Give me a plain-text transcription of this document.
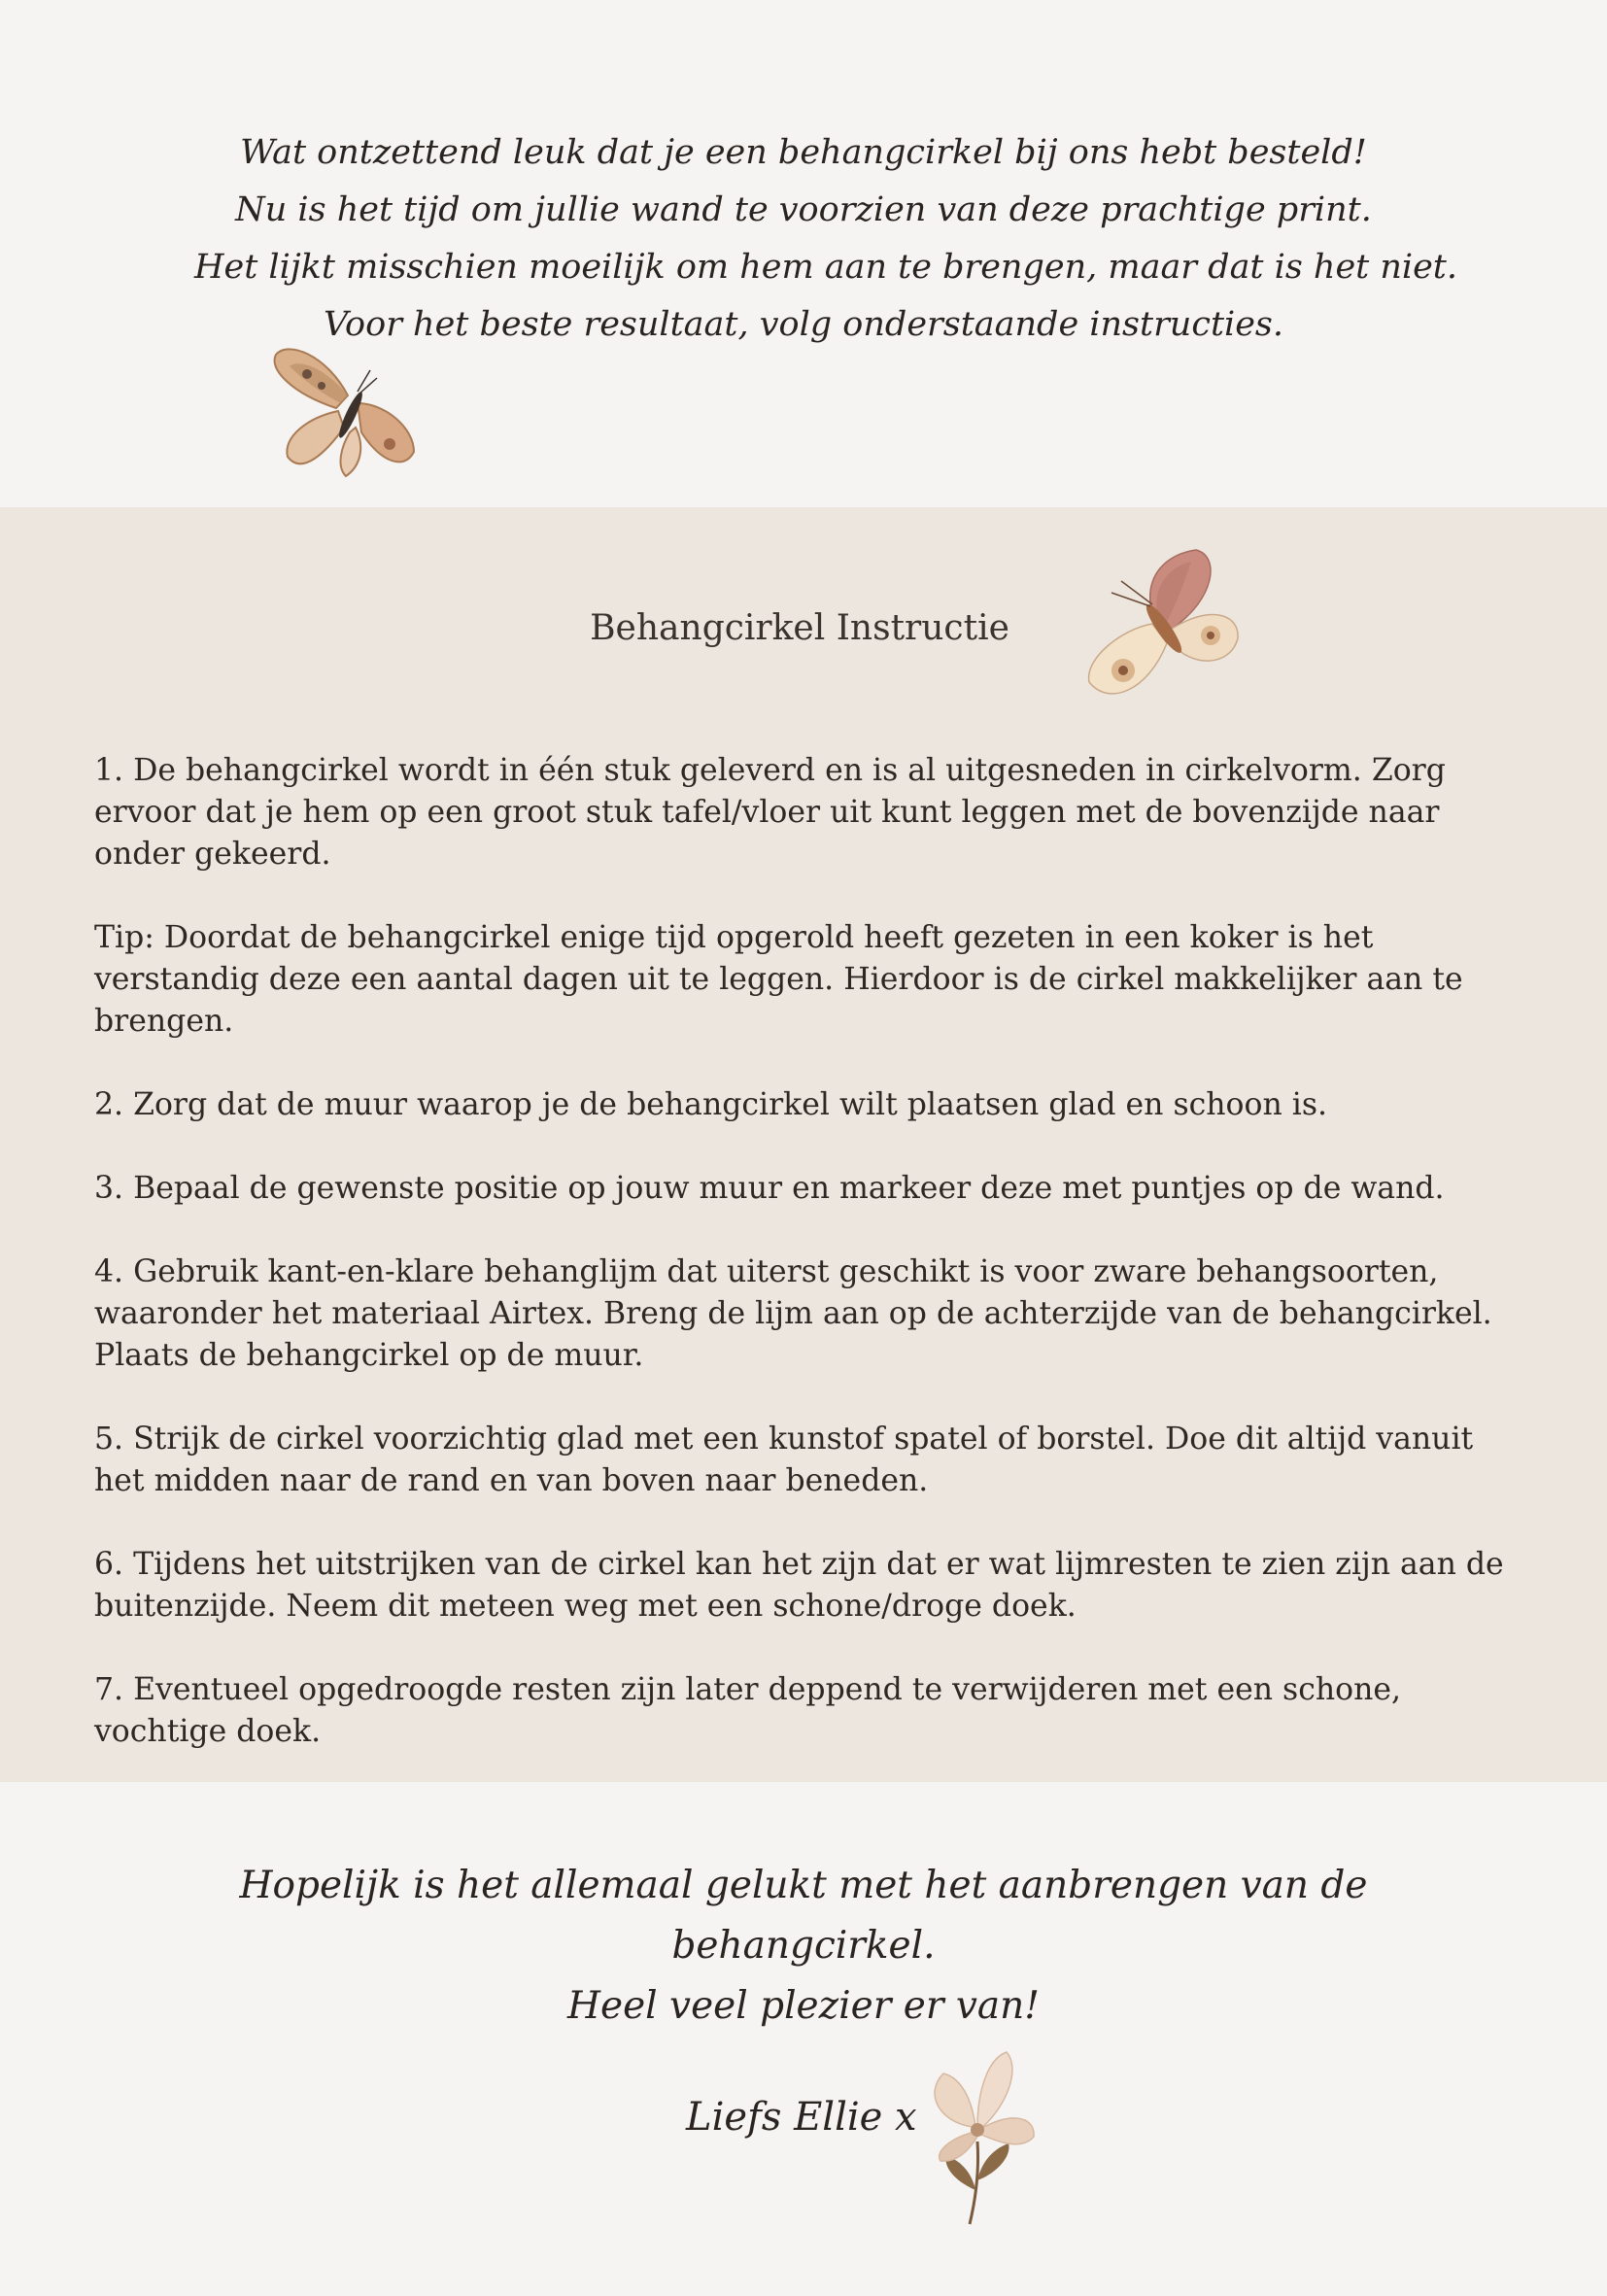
Wat ontzettend leuk dat je een behangcirkel bij ons hebt besteld!
Nu is het tijd om jullie wand te voorzien van deze prachtige print.
Het lijkt misschien moeilijk om hem aan te brengen, maar dat is het niet.
Voor het beste resultaat, volg onderstaande instructies.
Behangcirkel Instructie

1. De behangcirkel wordt in één stuk geleverd en is al uitgesneden in cirkelvorm. Zorg ervoor dat je hem op een groot stuk tafel/vloer uit kunt leggen met de bovenzijde naar onder gekeerd.

Tip: Doordat de behangcirkel enige tijd opgerold heeft gezeten in een koker is het verstandig deze een aantal dagen uit te leggen. Hierdoor is de cirkel makkelijker aan te brengen.

2. Zorg dat de muur waarop je de behangcirkel wilt plaatsen glad en schoon is.

3. Bepaal de gewenste positie op jouw muur en markeer deze met puntjes op de wand.

4. Gebruik kant-en-klare behanglijm dat uiterst geschikt is voor zware behangsoorten, waaronder het materiaal Airtex. Breng de lijm aan op de achterzijde van de behangcirkel. Plaats de behangcirkel op de muur.

5. Strijk de cirkel voorzichtig glad met een kunstof spatel of borstel. Doe dit altijd vanuit het midden naar de rand en van boven naar beneden.

6. Tijdens het uitstrijken van de cirkel kan het zijn dat er wat lijmresten te zien zijn aan de buitenzijde. Neem dit meteen weg met een schone/droge doek.

7. Eventueel opgedroogde resten zijn later deppend te verwijderen met een schone, vochtige doek.

Hopelijk is het allemaal gelukt met het aanbrengen van de behangcirkel.
Heel veel plezier er van!
Liefs Ellie x
